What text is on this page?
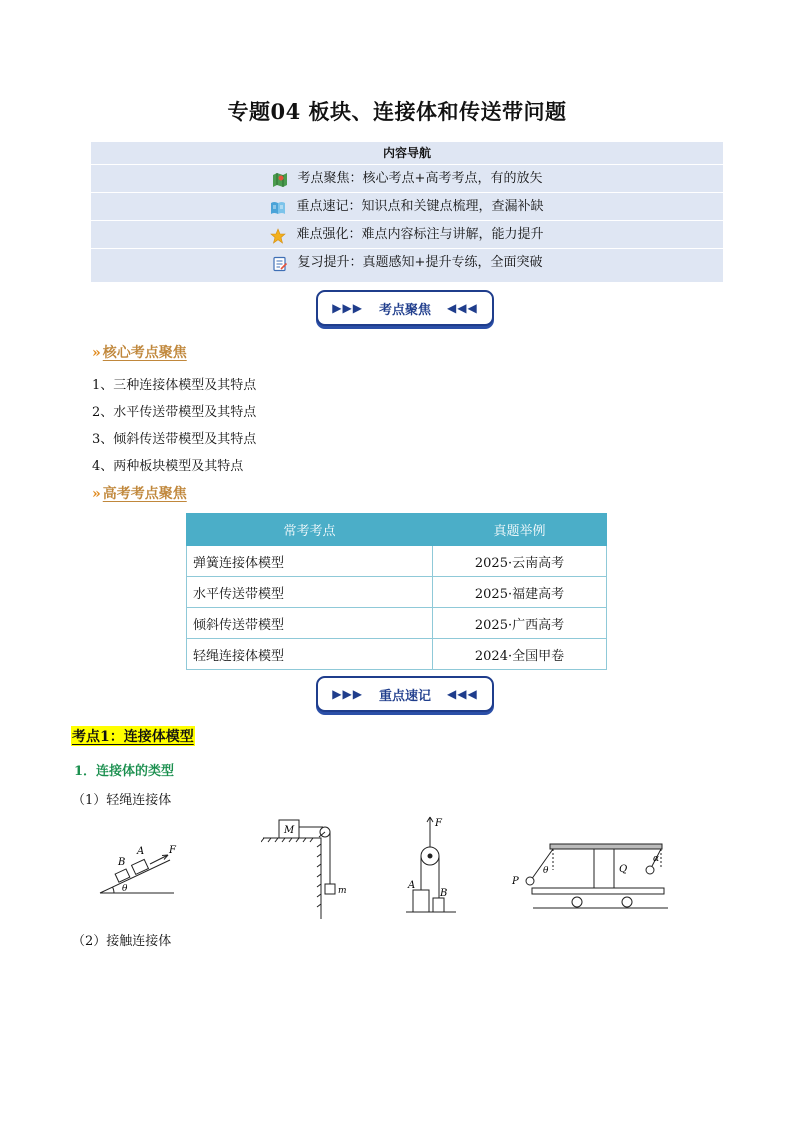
专题04 板块、连接体和传送带问题
内容导航
考点聚焦：核心考点+高考考点，有的放矢
重点速记：知识点和关键点梳理，查漏补缺
难点强化：难点内容标注与讲解，能力提升
复习提升：真题感知+提升专练，全面突破
▶▶▶ 考点聚焦 ◀◀◀
» 核心考点聚焦
1、三种连接体模型及其特点
2、水平传送带模型及其特点
3、倾斜传送带模型及其特点
4、两种板块模型及其特点
» 高考考点聚焦
常考考点	真题举例
弹簧连接体模型	2025·云南高考
水平传送带模型	2025·福建高考
倾斜传送带模型	2025·广西高考
轻绳连接体模型	2024·全国甲卷
▶▶▶ 重点速记 ◀◀◀
考点1：连接体模型
1．连接体的类型
（1）轻绳连接体
B
A F
θ
M
m
F
A
B
P
Q
θ
α
（2）接触连接体
